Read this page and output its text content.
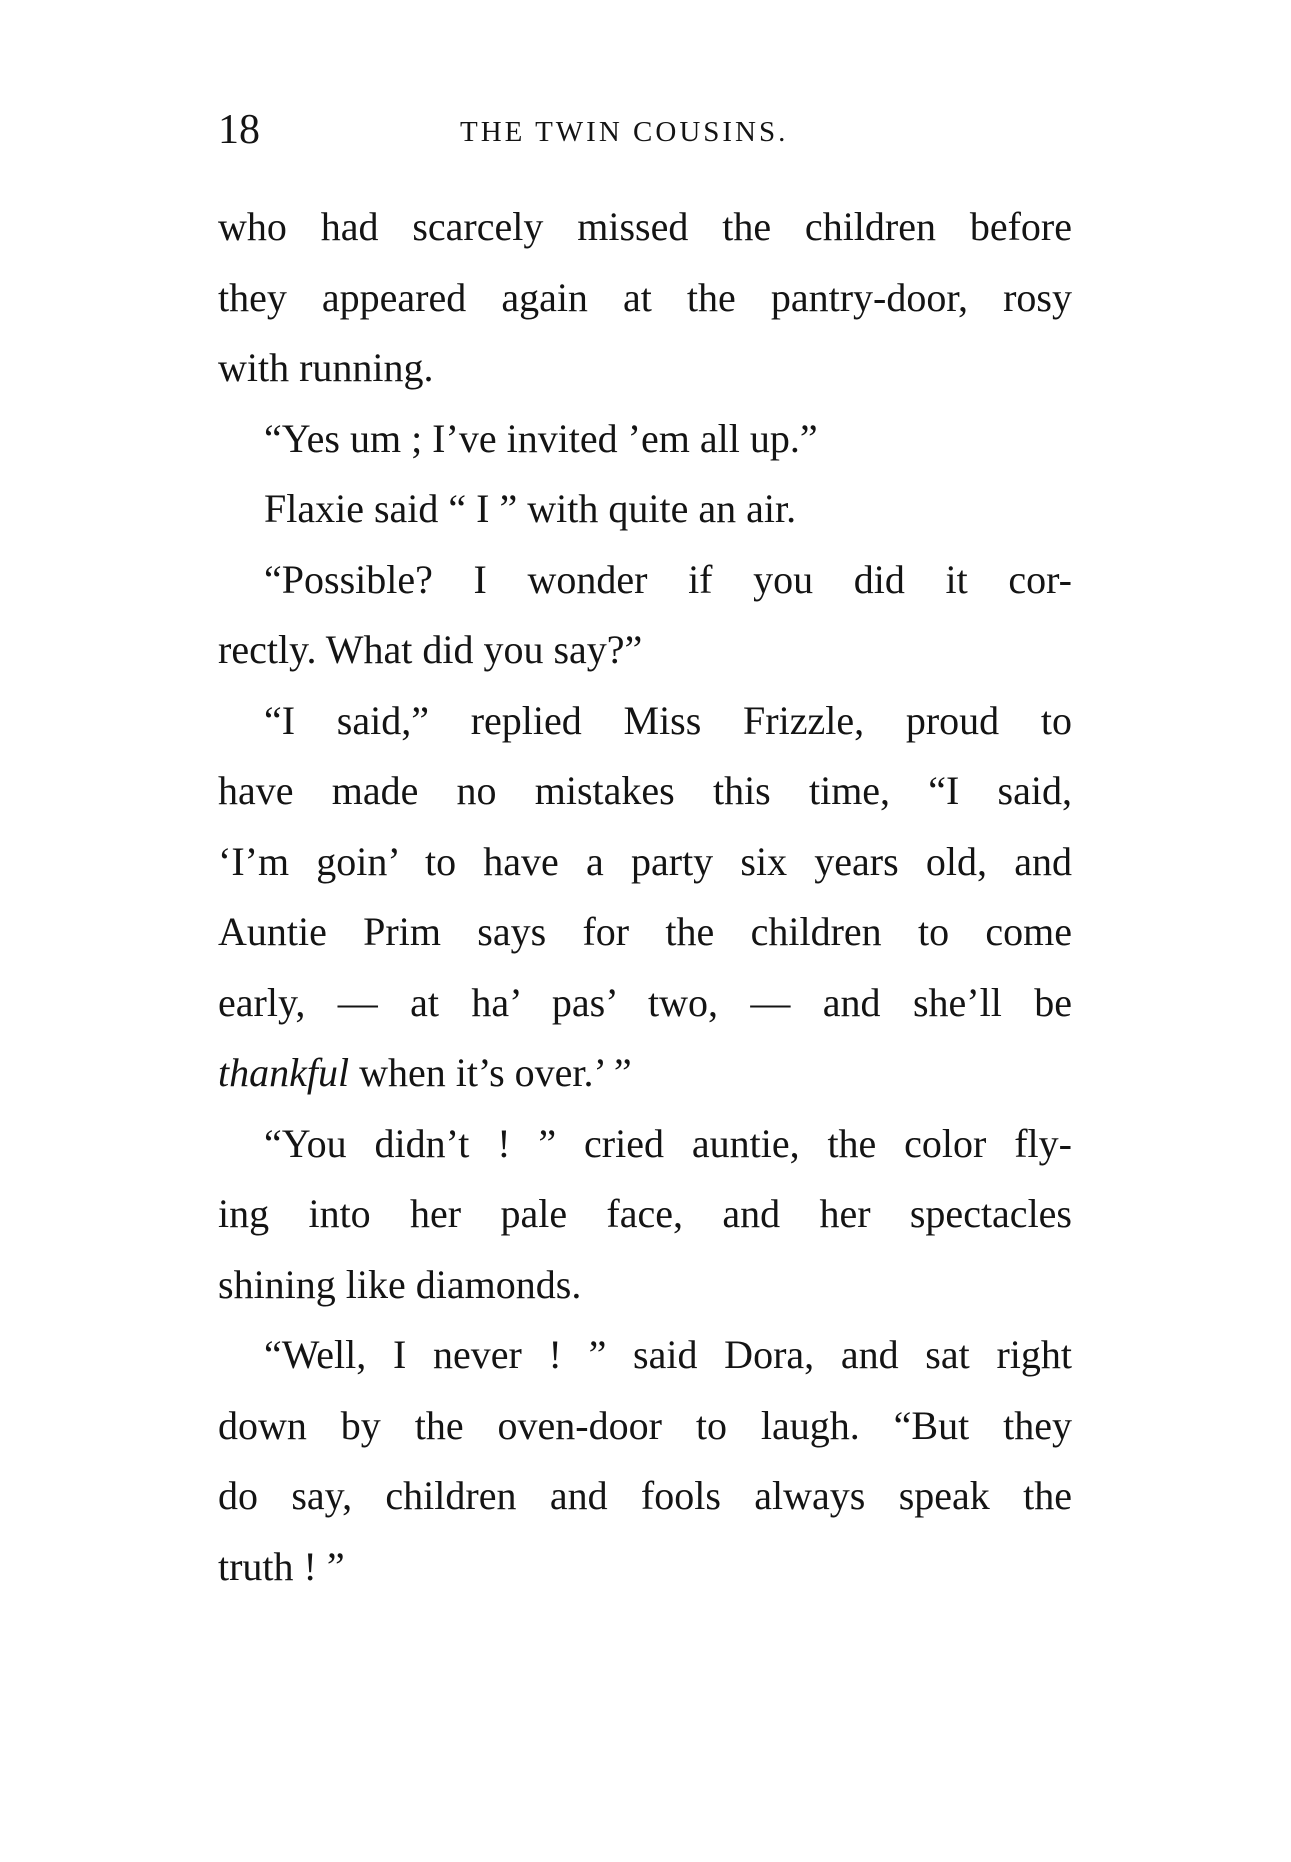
18	THE TWIN COUSINS.
who had scarcely missed the children before
they appeared again at the pantry-door, rosy
with running.
“Yes um ; I’ve invited ’em all up.”
Flaxie said “ I ” with quite an air.
“Possible? I wonder if you did it cor-
rectly. What did you say?”
“I said,” replied Miss Frizzle, proud to
have made no mistakes this time, “I said,
‘I’m goin’ to have a party six years old, and
Auntie Prim says for the children to come
early, — at ha’ pas’ two, — and she’ll be
thankful when it’s over.’ ”
“You didn’t ! ” cried auntie, the color fly-
ing into her pale face, and her spectacles
shining like diamonds.
“Well, I never ! ” said Dora, and sat right
down by the oven-door to laugh. “But they
do say, children and fools always speak the
truth ! ”
